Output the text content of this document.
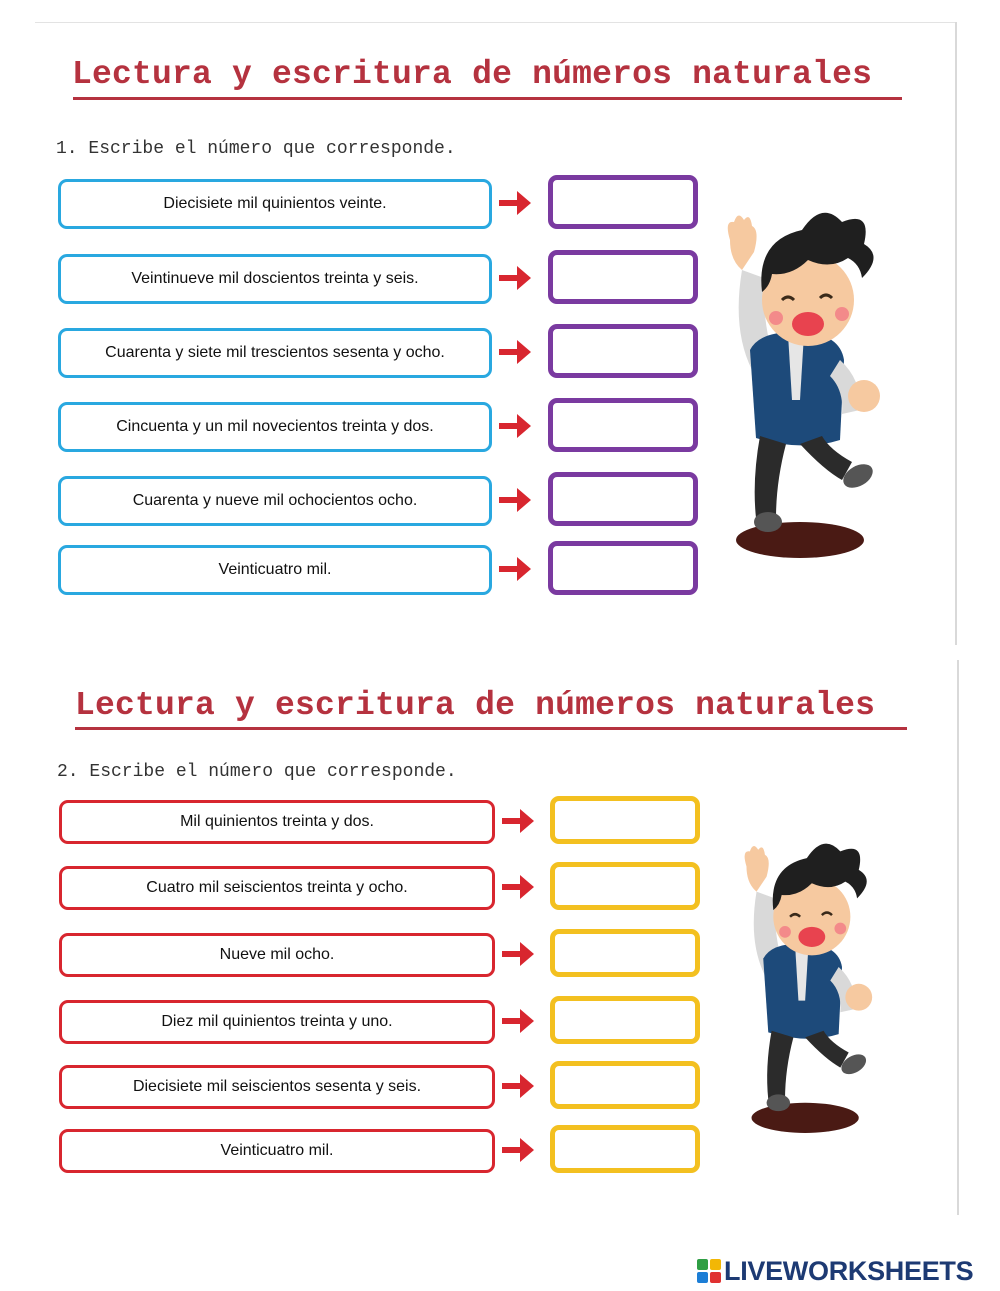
Lectura y escritura de números naturales

1. Escribe el número que corresponde.

Diecisiete mil quinientos veinte.
Veintinueve mil doscientos treinta y seis.
Cuarenta y siete mil trescientos sesenta y ocho.
Cincuenta y un mil novecientos treinta y dos.
Cuarenta y nueve mil ochocientos ocho.
Veinticuatro mil.
Lectura y escritura de números naturales

2. Escribe el número que corresponde.

Mil quinientos treinta y dos.
Cuatro mil seiscientos treinta y ocho.
Nueve mil ocho.
Diez mil quinientos treinta y uno.
Diecisiete mil seiscientos sesenta y seis.
Veinticuatro mil.
LIVEWORKSHEETS
